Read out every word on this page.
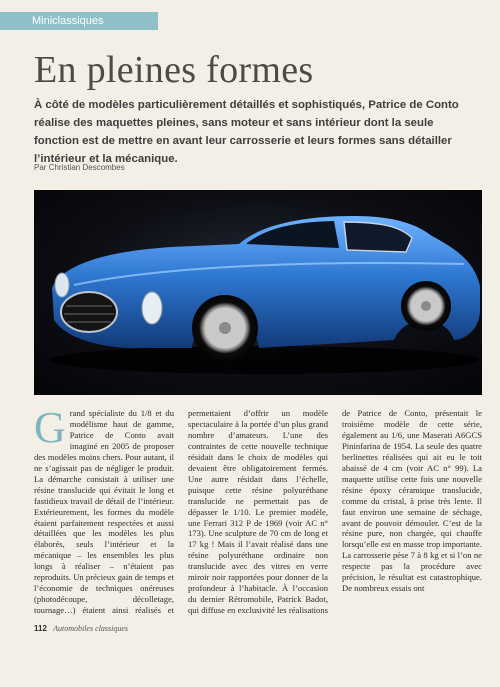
Miniclassiques
En pleines formes

À côté de modèles particulièrement détaillés et sophistiqués, Patrice de Conto réalise des maquettes pleines, sans moteur et sans intérieur dont la seule fonction est de mettre en avant leur carrosserie et leurs formes sans détailler l’intérieur et la mécanique.

Par Christian Descombes

Grand spécialiste du 1/8 et du modélisme haut de gamme, Patrice de Conto avait imaginé en 2005 de proposer des modèles moins chers. Pour autant, il ne s’agissait pas de négliger le produit. La démarche consistait à utiliser une résine translucide qui évitait le long et fastidieux travail de détail de l’intérieur. Extérieurement, les formes du modèle étaient parfaitement respectées et aussi détaillées que les modèles les plus élaborés, seuls l’intérieur et la mécanique – les ensembles les plus longs à réaliser – n’étaient pas reproduits. Un précieux gain de temps et l’économie de techniques onéreuses (photodécoupe, décolletage, tournage…) étaient ainsi réalisés et permettaient d’offrir un modèle spectaculaire à la portée d’un plus grand nombre d’amateurs. L’une des contraintes de cette nouvelle technique résidait dans le choix de modèles qui devaient être obligatoirement fermés. Une autre résidait dans l’échelle, puisque cette résine polyuréthane translucide ne permettait pas de dépasser le 1/10. Le premier modèle, une Ferrari 312 P de 1969 (voir AC n° 173). Une sculpture de 70 cm de long et 17 kg ! Mais il l’avait réalisé dans une résine polyuréthane ordinaire non translucide avec des vitres en verre miroir noir rapportées pour donner de la profondeur à l’habitacle. À l’occasion du dernier Rétromobile, Patrick Badot, qui diffuse en exclusivité les réalisations de Patrice de Conto, présentait le troisième modèle de cette série, également au 1/6, une Maserati A6GCS Pininfarina de 1954. La seule des quatre berlinettes réalisées qui ait eu le toit abaissé de 4 cm (voir AC n° 99). La maquette utilise cette fois une nouvelle résine époxy céramique translucide, comme du cristal, à prise très lente. Il faut environ une semaine de séchage, avant de pouvoir démouler. C’est de la résine pure, non chargée, qui chauffe lorsqu’elle est en masse trop importante. La carrosserie pèse 7 à 8 kg et si l’on ne respecte pas la procédure avec précision, le résultat est catastrophique. De nombreux essais ont

112 Automobiles classiques
